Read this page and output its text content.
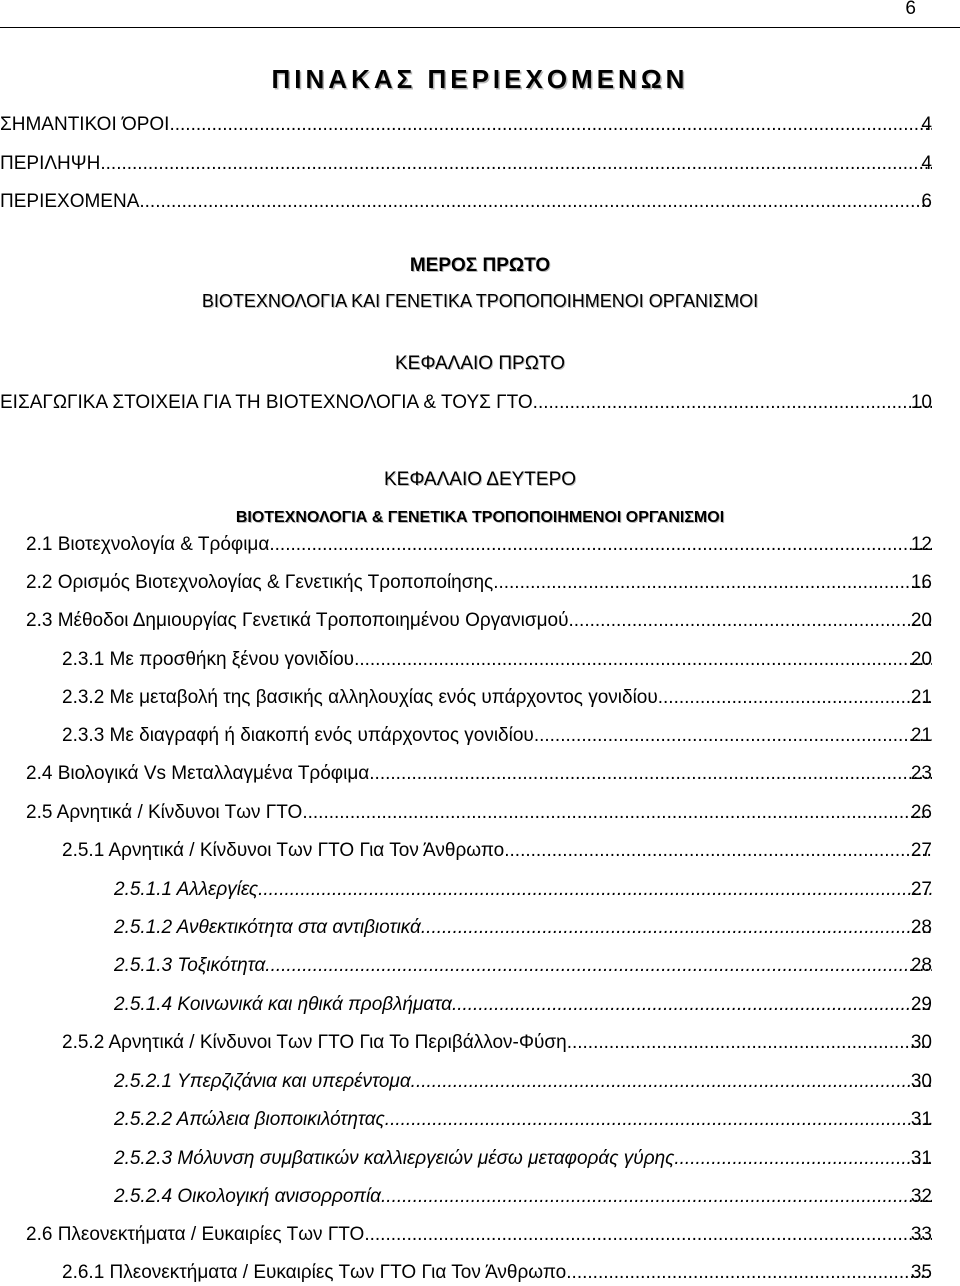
6
ΠΙΝΑΚΑΣ ΠΕΡΙΕΧΟΜΕΝΩΝ
ΣΗΜΑΝΤΙΚΟΙ ΌΡΟΙ .....	4
ΠΕΡΙΛΗΨΗ .....	4
ΠΕΡΙΕΧΟΜΕΝΑ .....	6
ΜΕΡΟΣ ΠΡΩΤΟ
ΒΙΟΤΕΧΝΟΛΟΓΙΑ ΚΑΙ ΓΕΝΕΤΙΚΑ ΤΡΟΠΟΠΟΙΗΜΕΝΟΙ ΟΡΓΑΝΙΣΜΟΙ
ΚΕΦΑΛΑΙΟ ΠΡΩΤΟ
ΕΙΣΑΓΩΓΙΚΑ ΣΤΟΙΧΕΙΑ ΓΙΑ ΤΗ ΒΙΟΤΕΧΝΟΛΟΓΙΑ & ΤΟΥΣ ΓΤΟ .....	10
ΚΕΦΑΛΑΙΟ ΔΕΥΤΕΡΟ
ΒΙΟΤΕΧΝΟΛΟΓΙΑ & ΓΕΝΕΤΙΚΑ ΤΡΟΠΟΠΟΙΗΜΕΝΟΙ ΟΡΓΑΝΙΣΜΟΙ
2.1 Βιοτεχνολογία & Τρόφιμα .....	12
2.2 Ορισμός Βιοτεχνολογίας & Γενετικής Τροποποίησης .....	16
2.3 Μέθοδοι Δημιουργίας Γενετικά Τροποποιημένου Οργανισμού .....	20
2.3.1 Με προσθήκη ξένου γονιδίου .....	20
2.3.2 Με μεταβολή της βασικής αλληλουχίας ενός υπάρχοντος γονιδίου .....	21
2.3.3 Με διαγραφή ή διακοπή ενός υπάρχοντος γονιδίου .....	21
2.4 Βιολογικά Vs Μεταλλαγμένα Τρόφιμα .....	23
2.5 Αρνητικά / Κίνδυνοι Των ΓΤΟ .....	26
2.5.1 Αρνητικά / Κίνδυνοι Των ΓΤΟ Για Τον Άνθρωπο .....	27
2.5.1.1 Αλλεργίες .....	27
2.5.1.2 Ανθεκτικότητα στα αντιβιοτικά .....	28
2.5.1.3 Τοξικότητα .....	28
2.5.1.4 Κοινωνικά και ηθικά προβλήματα .....	29
2.5.2 Αρνητικά / Κίνδυνοι Των ΓΤΟ Για Το Περιβάλλον-Φύση .....	30
2.5.2.1 Υπερζιζάνια και υπερέντομα .....	30
2.5.2.2 Απώλεια βιοποικιλότητας .....	31
2.5.2.3 Μόλυνση συμβατικών καλλιεργειών μέσω μεταφοράς γύρης .....	31
2.5.2.4 Οικολογική ανισορροπία .....	32
2.6 Πλεονεκτήματα / Ευκαιρίες Των ΓΤΟ .....	33
2.6.1 Πλεονεκτήματα / Ευκαιρίες Των ΓΤΟ Για Τον Άνθρωπο .....	35
